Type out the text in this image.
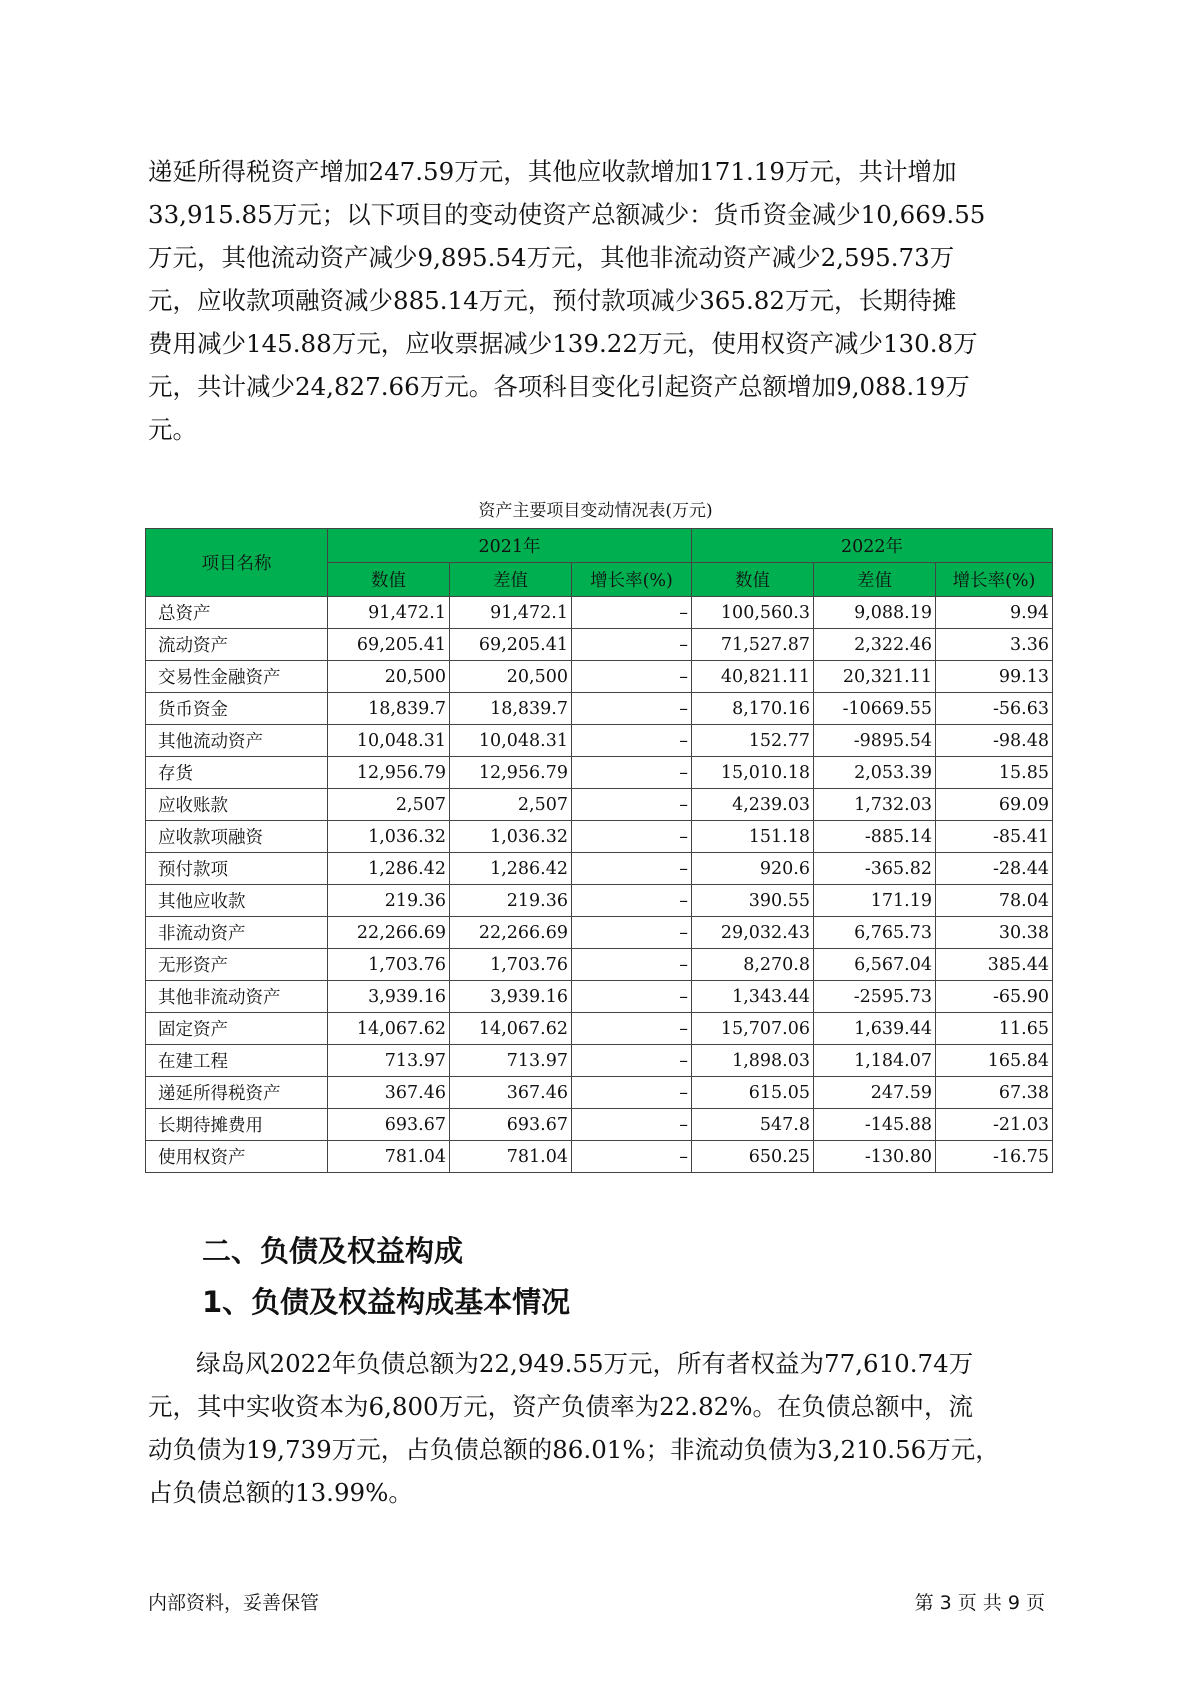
递延所得税资产增加247.59万元，其他应收款增加171.19万元，共计增加
33,915.85万元；以下项目的变动使资产总额减少：货币资金减少10,669.55
万元，其他流动资产减少9,895.54万元，其他非流动资产减少2,595.73万
元，应收款项融资减少885.14万元，预付款项减少365.82万元，长期待摊
费用减少145.88万元，应收票据减少139.22万元，使用权资产减少130.8万
元，共计减少24,827.66万元。各项科目变化引起资产总额增加9,088.19万
元。
资产主要项目变动情况表(万元)
项目名称	2021年			2022年		
	数值	差值	增长率(%)	数值	差值	增长率(%)
总资产	91,472.1	91,472.1	–	100,560.3	9,088.19	9.94
流动资产	69,205.41	69,205.41	–	71,527.87	2,322.46	3.36
交易性金融资产	20,500	20,500	–	40,821.11	20,321.11	99.13
货币资金	18,839.7	18,839.7	–	8,170.16	-10669.55	-56.63
其他流动资产	10,048.31	10,048.31	–	152.77	-9895.54	-98.48
存货	12,956.79	12,956.79	–	15,010.18	2,053.39	15.85
应收账款	2,507	2,507	–	4,239.03	1,732.03	69.09
应收款项融资	1,036.32	1,036.32	–	151.18	-885.14	-85.41
预付款项	1,286.42	1,286.42	–	920.6	-365.82	-28.44
其他应收款	219.36	219.36	–	390.55	171.19	78.04
非流动资产	22,266.69	22,266.69	–	29,032.43	6,765.73	30.38
无形资产	1,703.76	1,703.76	–	8,270.8	6,567.04	385.44
其他非流动资产	3,939.16	3,939.16	–	1,343.44	-2595.73	-65.90
固定资产	14,067.62	14,067.62	–	15,707.06	1,639.44	11.65
在建工程	713.97	713.97	–	1,898.03	1,184.07	165.84
递延所得税资产	367.46	367.46	–	615.05	247.59	67.38
长期待摊费用	693.67	693.67	–	547.8	-145.88	-21.03
使用权资产	781.04	781.04	–	650.25	-130.80	-16.75
二、负债及权益构成
1、负债及权益构成基本情况
绿岛风2022年负债总额为22,949.55万元，所有者权益为77,610.74万
元，其中实收资本为6,800万元，资产负债率为22.82%。在负债总额中，流
动负债为19,739万元，占负债总额的86.01%；非流动负债为3,210.56万元，
占负债总额的13.99%。
内部资料，妥善保管	第 3 页 共 9 页
